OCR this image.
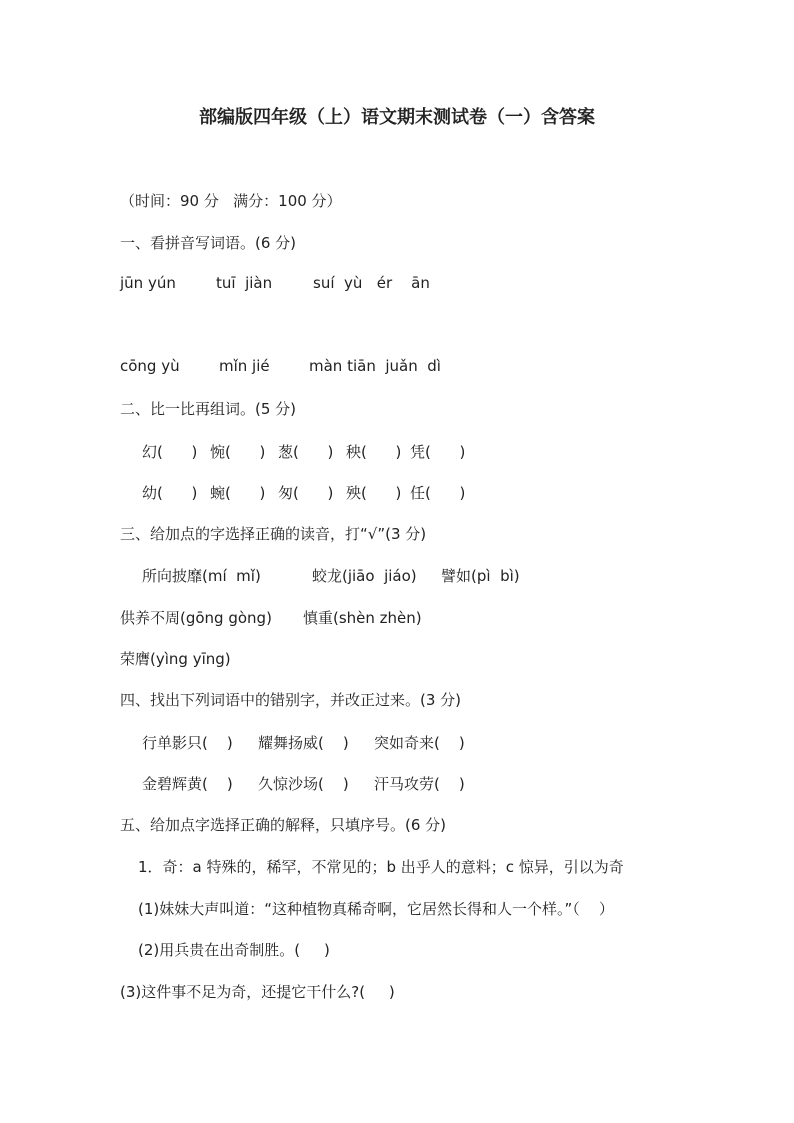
部编版四年级（上）语文期末测试卷（一）含答案
（时间：90 分   满分：100 分）
一、看拼音写词语。(6 分)
jūn yún	tuī  jiàn	suí  yù   ér    ān
cōng yù	mǐn jié	màn tiān  juǎn  dì
二、比一比再组词。(5 分)
幻(      ) 惋(      ) 葱(      ) 秧(      ) 凭(      )
幼(      ) 蜿(      ) 匆(      ) 殃(      ) 任(      )
三、给加点的字选择正确的读音，打“√”(3 分)
所向披靡(mí  mǐ)	蛟龙(jiāo  jiáo) 譬如(pì  bì)
供养不周(gōng gòng) 慎重(shèn zhèn)
荣膺(yìng yīng)
四、找出下列词语中的错别字，并改正过来。(3 分)
行单影只(    ) 耀舞扬威(    ) 突如奇来(    )
金碧辉黄(    ) 久惊沙场(    ) 汗马攻劳(    )
五、给加点字选择正确的解释，只填序号。(6 分)
1．奇：a 特殊的，稀罕，不常见的；b 出乎人的意料；c 惊异，引以为奇
(1)妹妹大声叫道：“这种植物真稀奇啊，它居然长得和人一个样。”（    ）
(2)用兵贵在出奇制胜。(     )
(3)这件事不足为奇，还提它干什么?(     )
